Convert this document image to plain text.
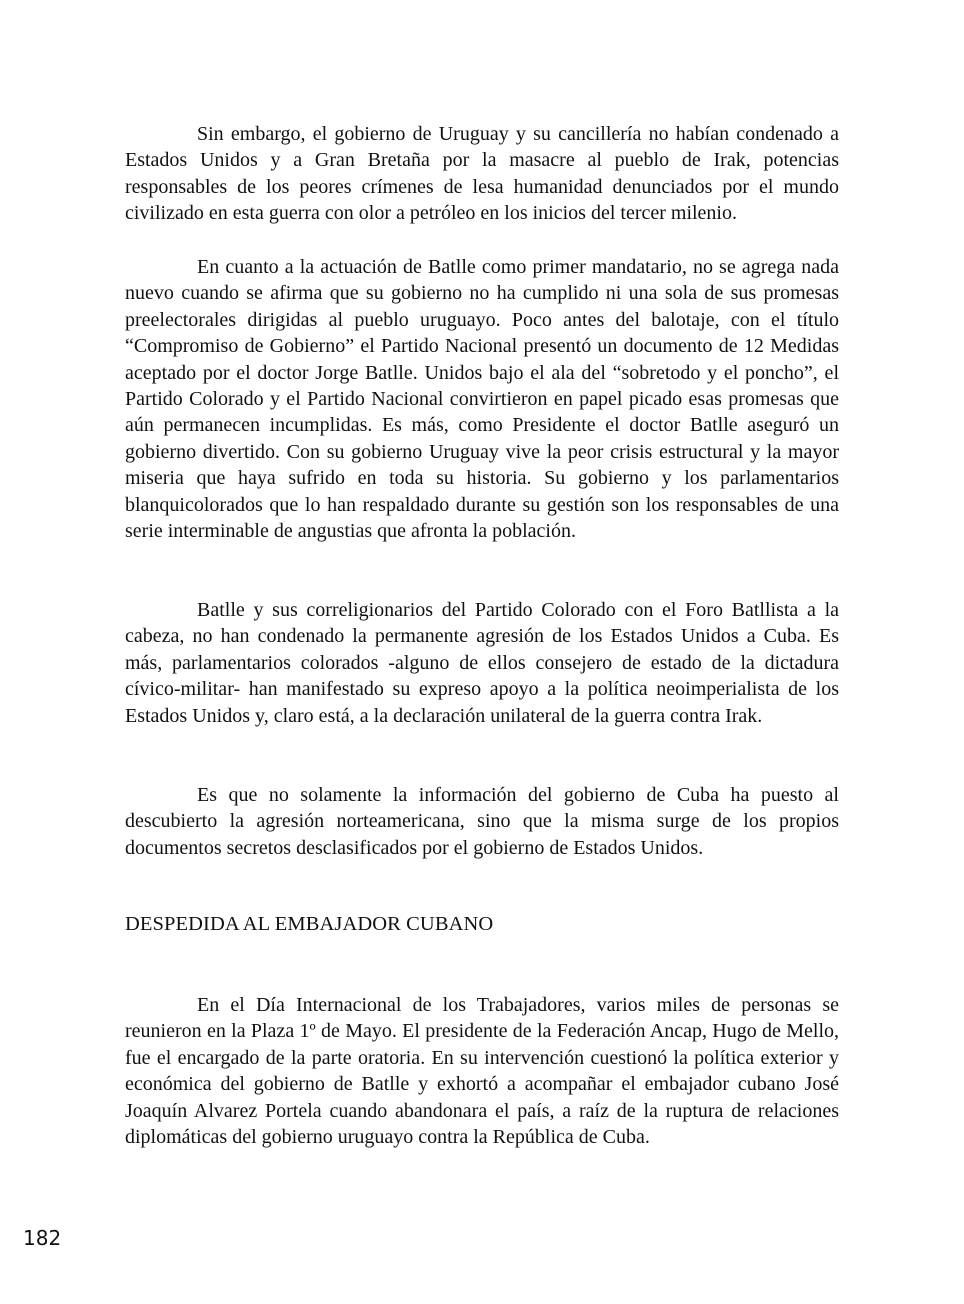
Sin embargo, el gobierno de Uruguay y su cancillería no habían condenado a Estados Unidos y a Gran Bretaña por la masacre al pueblo de Irak, potencias responsables de los peores crímenes de lesa humanidad denunciados por el mundo civilizado en esta guerra con olor a petróleo en los inicios del tercer milenio.

En cuanto a la actuación de Batlle como primer mandatario, no se agrega nada nuevo cuando se afirma que su gobierno no ha cumplido ni una sola de sus promesas preelectorales dirigidas al pueblo uruguayo. Poco antes del balotaje, con el título “Compromiso de Gobierno” el Partido Nacional presentó un documento de 12 Medidas aceptado por el doctor Jorge Batlle. Unidos bajo el ala del “sobretodo y el poncho”, el Partido Colorado y el Partido Nacional convirtieron en papel picado esas promesas que aún permanecen incumplidas. Es más, como Presidente el doctor Batlle aseguró un gobierno divertido. Con su gobierno Uruguay vive la peor crisis estructural y la mayor miseria que haya sufrido en toda su historia. Su gobierno y los parlamentarios blanquicolorados que lo han respaldado durante su gestión son los responsables de una serie interminable de angustias que afronta la población.

Batlle y sus correligionarios del Partido Colorado con el Foro Batllista a la cabeza, no han condenado la permanente agresión de los Estados Unidos a Cuba. Es más, parlamentarios colorados -alguno de ellos consejero de estado de la dictadura cívico-militar- han manifestado su expreso apoyo a la política neoimperialista de los Estados Unidos y, claro está, a la declaración unilateral de la guerra contra Irak.

Es que no solamente la información del gobierno de Cuba ha puesto al descubierto la agresión norteamericana, sino que la misma surge de los propios documentos secretos desclasificados por el gobierno de Estados Unidos.

DESPEDIDA AL EMBAJADOR CUBANO

En el Día Internacional de los Trabajadores, varios miles de personas se reunieron en la Plaza 1º de Mayo. El presidente de la Federación Ancap, Hugo de Mello, fue el encargado de la parte oratoria. En su intervención cuestionó la política exterior y económica del gobierno de Batlle y exhortó a acompañar el embajador cubano José Joaquín Alvarez Portela cuando abandonara el país, a raíz de la ruptura de relaciones diplomáticas del gobierno uruguayo contra la República de Cuba.

182
